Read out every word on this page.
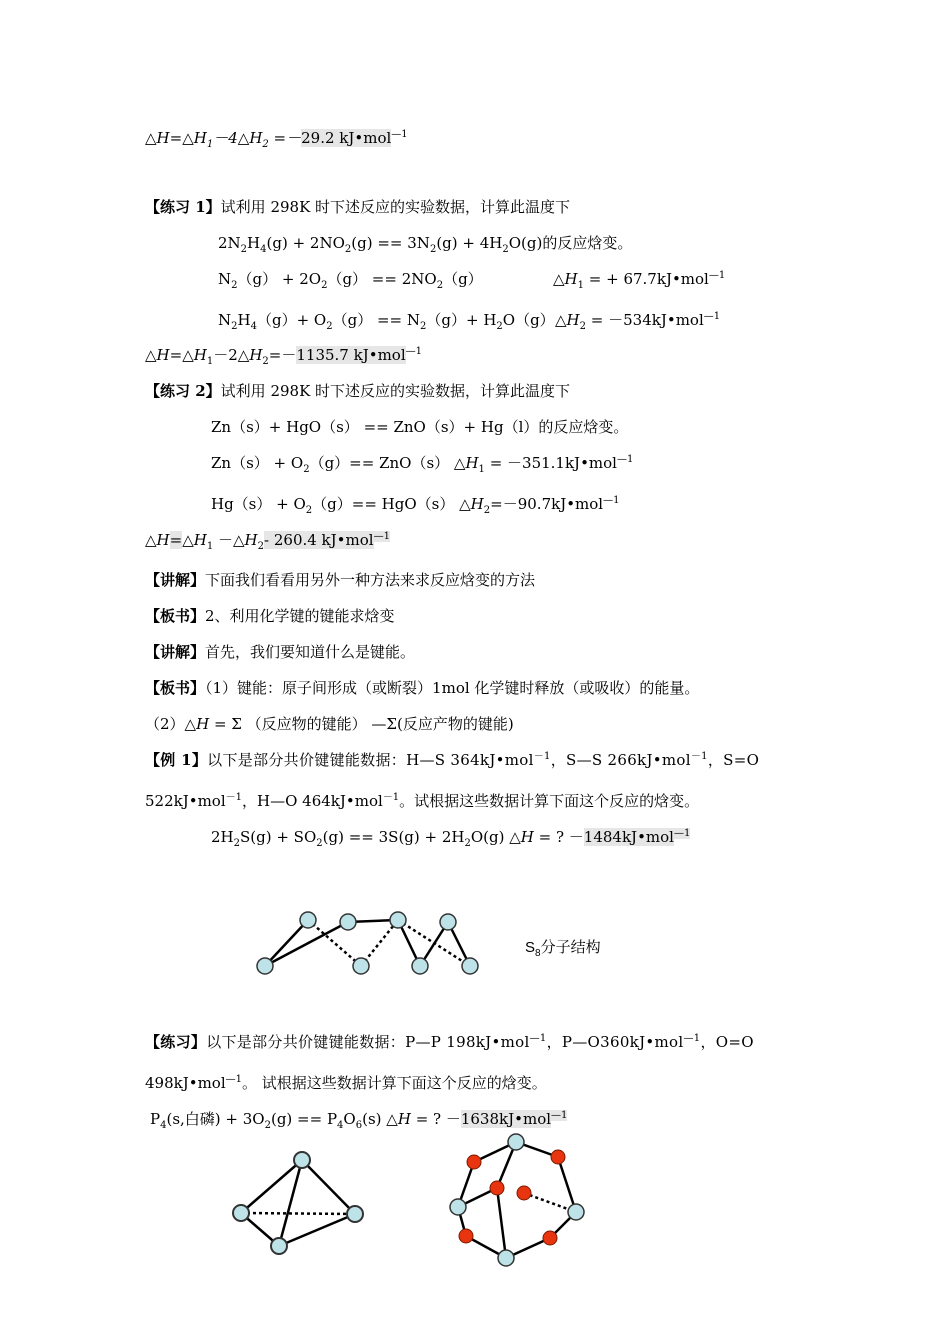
$\triangle H=\triangle H_1-4\triangle H_2 =-29.2$ kJ•mol$^{—1}$
【练习 1】试利用 298K 时下述反应的实验数据，计算此温度下
$2N_2H_4(g) + 2NO_2(g) == 3N_2(g) + 4H_2O(g)$的反应焓变。
$N_2(g) + 2O_2(g) == 2NO_2(g)$	$\triangle H_1$ = + 67.7kJ•mol$^{—1}$
$N_2H_4(g)+ O_2(g) == N_2(g)+ H_2O(g)$ $\triangle H_2$ = －534kJ•mol$^{—1}$
$\triangle H=\triangle H_1-2\triangle H_2=-1135.7$ kJ•mol$^{—1}$
【练习 2】试利用 298K 时下述反应的实验数据，计算此温度下
Zn（s）+ HgO（s） == ZnO（s）+ Hg（l）的反应焓变。
$Zn(s) + O_2(g)== ZnO(s)$ $\triangle H_1$ = －351.1kJ•mol$^{—1}$
$Hg(s) + O_2(g)== HgO(s)$ $\triangle H_2=-90.7kJ•mol^{—1}$
$\triangle H=\triangle H_1$ $-\triangle H_2-$ 260.4 kJ•mol$^{—1}$
【讲解】下面我们看看用另外一种方法来求反应焓变的方法
【板书】2、利用化学键的键能求焓变
【讲解】首先，我们要知道什么是键能。
【板书】（1）键能：原子间形成（或断裂）1mol 化学键时释放（或吸收）的能量。
（2）△H = Σ （反应物的键能） —Σ(反应产物的键能)
【例 1】以下是部分共价键键能数据：H—S 364kJ•mol$^{-1}$，S—S 266kJ•mol$^{-1}$，S=O
522kJ•mol$^{-1}$，H—O 464kJ•mol$^{-1}$。试根据这些数据计算下面这个反应的焓变。
$2H_2S(g) + SO_2(g) == 3S(g) + 2H_2O(g)$ △H = ? －1484kJ•mol$^{—1}$
$S_8$分子结构
【练习】以下是部分共价键键能数据：P—P 198kJ•mol$^{—1}$，P—O360kJ•mol$^{—1}$，O=O
498kJ•mol$^{—1}$。 试根据这些数据计算下面这个反应的焓变。
$P_4(s$,白磷) + $3O_2(g) == P_4O_6(s)$ △H = ? －1638kJ•mol$^{—1}$
